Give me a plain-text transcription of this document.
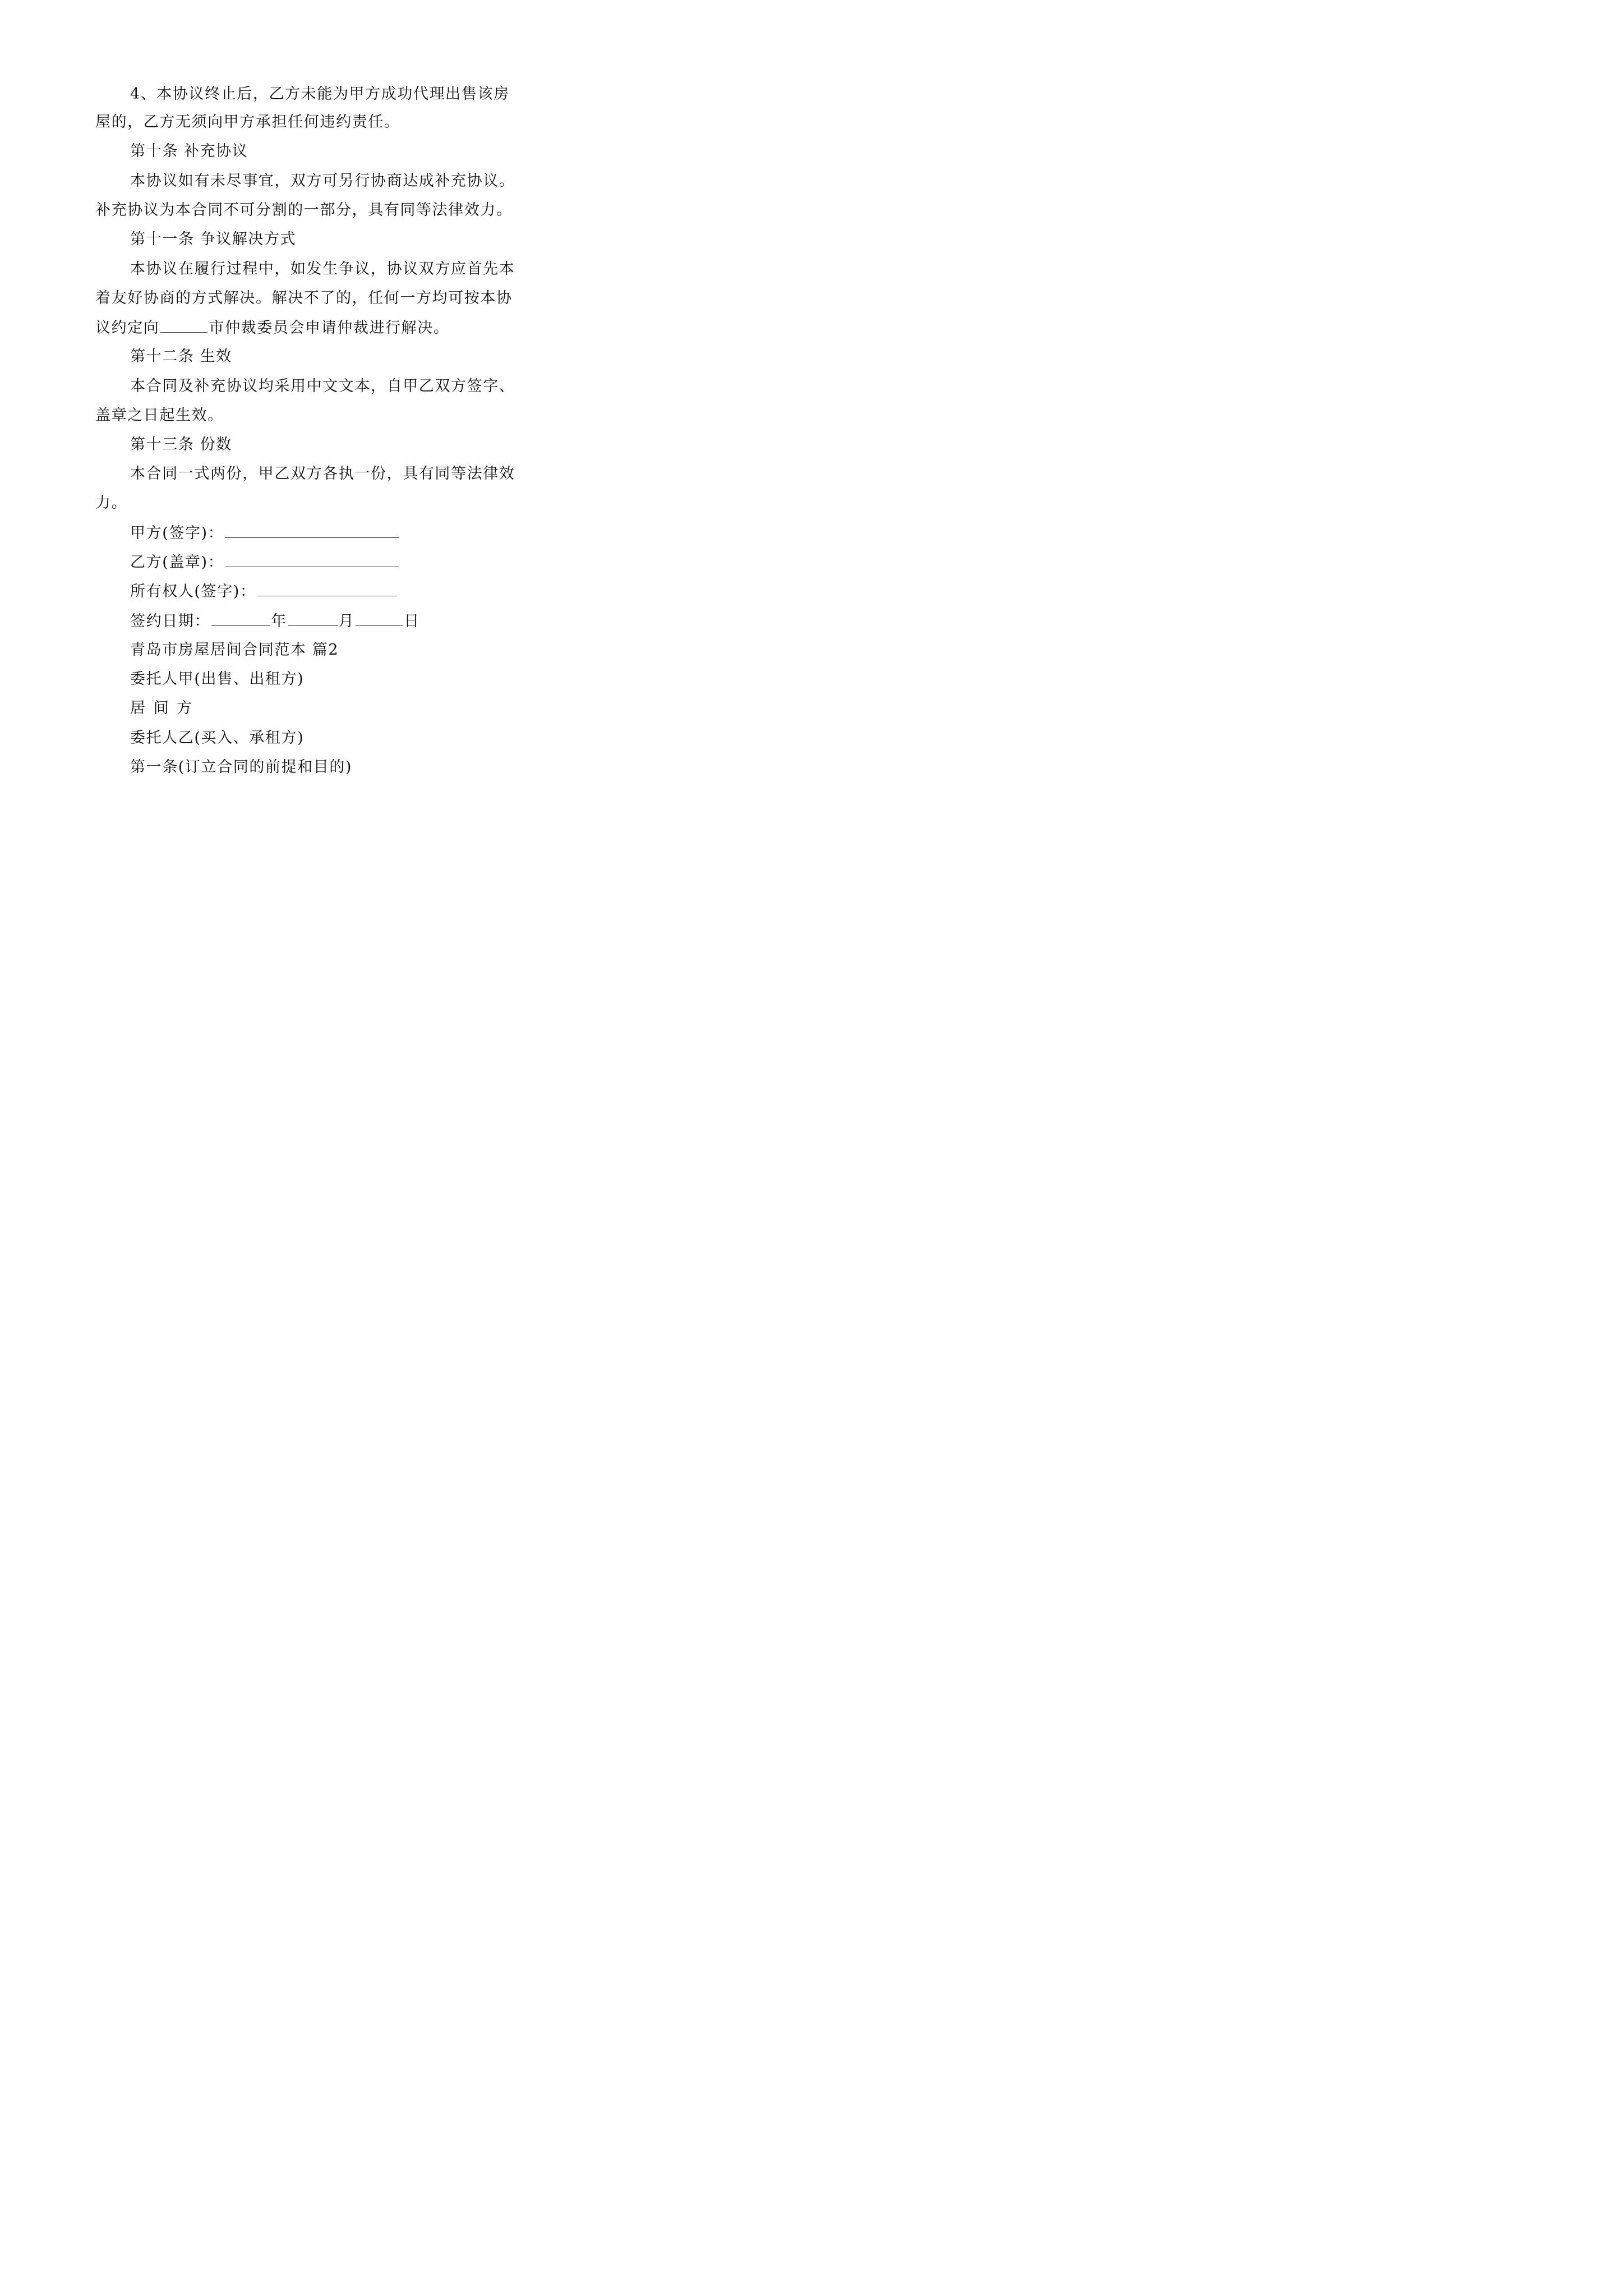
4、本协议终止后，乙方未能为甲方成功代理出售该房
屋的，乙方无须向甲方承担任何违约责任。
第十条 补充协议
本协议如有未尽事宜，双方可另行协商达成补充协议。
补充协议为本合同不可分割的一部分，具有同等法律效力。
第十一条 争议解决方式
本协议在履行过程中，如发生争议，协议双方应首先本
着友好协商的方式解决。解决不了的，任何一方均可按本协
议约定向	市仲裁委员会申请仲裁进行解决。
第十二条 生效
本合同及补充协议均采用中文文本，自甲乙双方签字、
盖章之日起生效。
第十三条 份数
本合同一式两份，甲乙双方各执一份，具有同等法律效
力。
甲方(签字)：
乙方(盖章)：
所有权人(签字)：
签约日期：	年	月	日
青岛市房屋居间合同范本 篇2
委托人甲(出售、出租方)
居 间 方
委托人乙(买入、承租方)
第一条(订立合同的前提和目的)
